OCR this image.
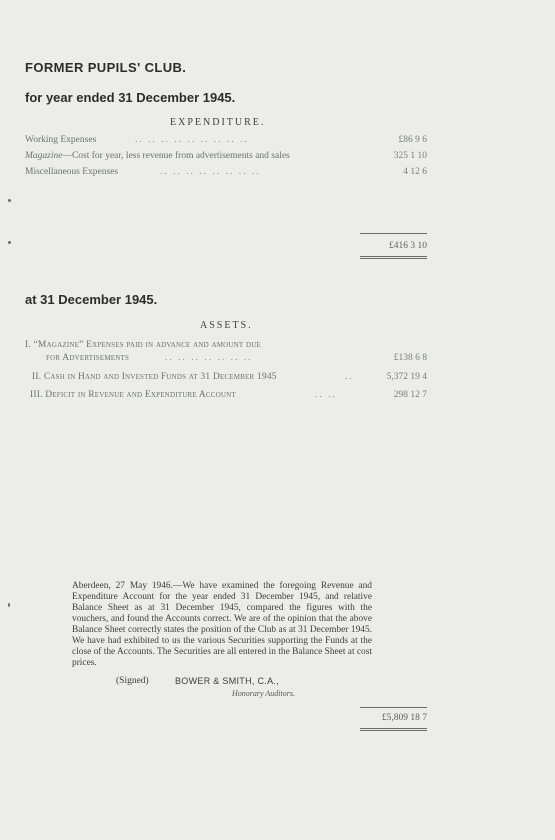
FORMER PUPILS' CLUB.
for year ended 31 December 1945.
EXPENDITURE.
Working Expenses	.. .. .. .. .. .. .. .. ..	£86 9 6
Magazine—Cost for year, less revenue from advertisements and sales	325 1 10
Miscellaneous Expenses	.. .. .. .. .. .. .. ..	4 12 6
£416 3 10
at 31 December 1945.
ASSETS.
I. “Magazine” Expenses paid in advance and amount due
for Advertisements	.. .. .. .. .. .. ..	£138 6 8
II. Cash in Hand and Invested Funds at 31 December 1945	..	5,372 19 4
III. Deficit in Revenue and Expenditure Account	.. ..	298 12 7
Aberdeen, 27 May 1946.—We have examined the foregoing Revenue and Expenditure Account for the year ended 31 December 1945, and relative Balance Sheet as at 31 December 1945, compared the figures with the vouchers, and found the Accounts correct. We are of the opinion that the above Balance Sheet correctly states the position of the Club as at 31 December 1945. We have had exhibited to us the various Securities supporting the Funds at the close of the Accounts. The Securities are all entered in the Balance Sheet at cost prices.
(Signed)	BOWER & SMITH, C.A.,
Honorary Auditors.
£5,809 18 7
